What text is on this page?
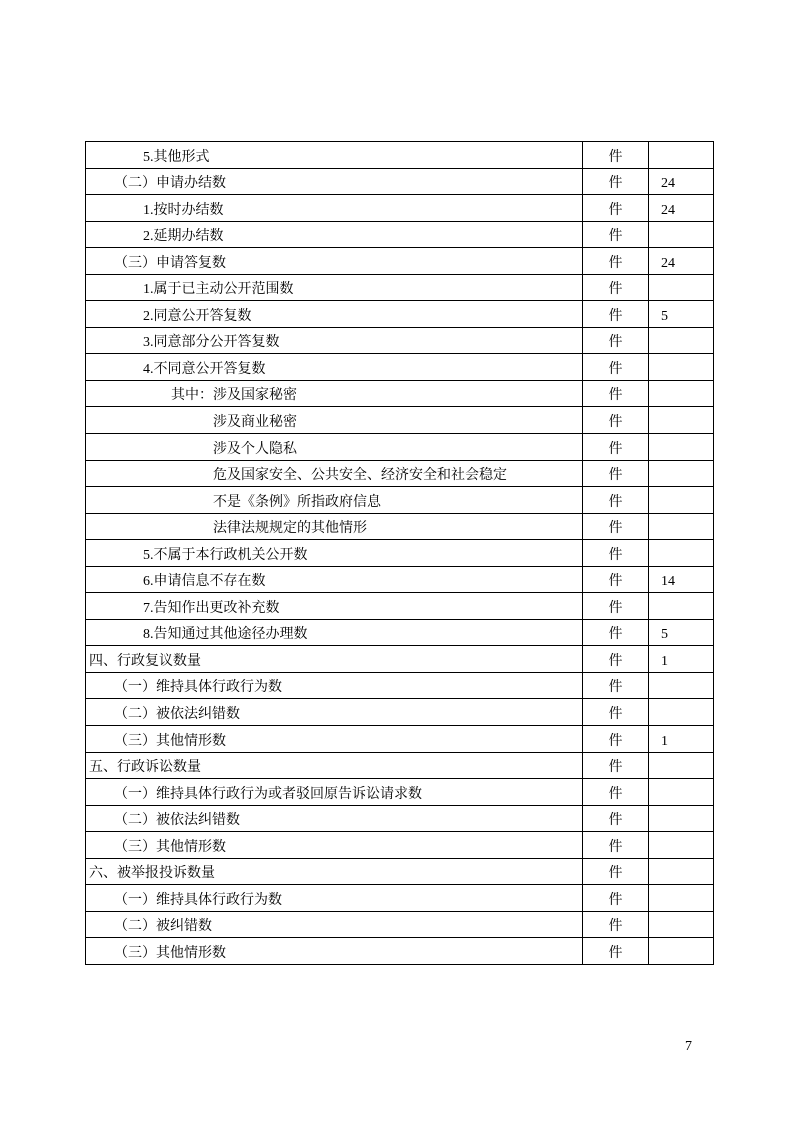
5.其他形式	件	
（二）申请办结数	件	24
1.按时办结数	件	24
2.延期办结数	件	
（三）申请答复数	件	24
1.属于已主动公开范围数	件	
2.同意公开答复数	件	5
3.同意部分公开答复数	件	
4.不同意公开答复数	件	
其中：涉及国家秘密	件	
涉及商业秘密	件	
涉及个人隐私	件	
危及国家安全、公共安全、经济安全和社会稳定	件	
不是《条例》所指政府信息	件	
法律法规规定的其他情形	件	
5.不属于本行政机关公开数	件	
6.申请信息不存在数	件	14
7.告知作出更改补充数	件	
8.告知通过其他途径办理数	件	5
四、行政复议数量	件	1
（一）维持具体行政行为数	件	
（二）被依法纠错数	件	
（三）其他情形数	件	1
五、行政诉讼数量	件	
（一）维持具体行政行为或者驳回原告诉讼请求数	件	
（二）被依法纠错数	件	
（三）其他情形数	件	
六、被举报投诉数量	件	
（一）维持具体行政行为数	件	
（二）被纠错数	件	
（三）其他情形数	件	
7
